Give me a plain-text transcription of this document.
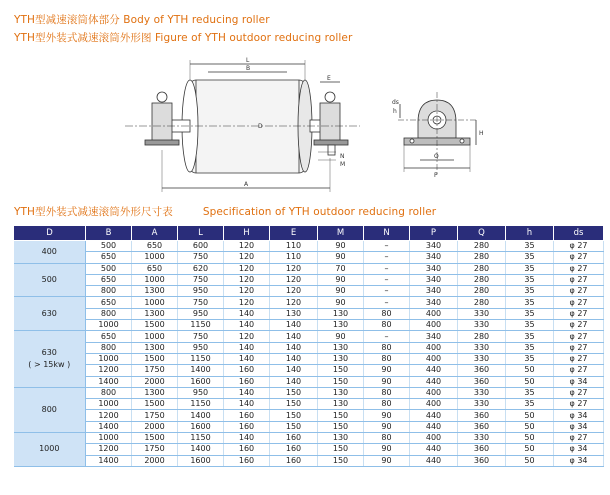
YTH型减速滚筒体部分 Body of YTH reducing roller
YTH型外装式减速滚筒外形图 Figure of YTH outdoor reducing roller
L
B
A
D
E
N
M
Q
P
H
h
ds
YTH型外装式减速滚筒外形尺寸表	Specification of YTH outdoor reducing roller
D	B	A	L	H	E	M	N	P	Q	h	ds

400	500	650	600	120	110	90	–	340	280	35	φ 27
	650	1000	750	120	110	90	–	340	280	35	φ 27

500	500	650	620	120	120	70	–	340	280	35	φ 27
	650	1000	750	120	120	90	–	340	280	35	φ 27
	800	1300	950	120	120	90	–	340	280	35	φ 27

630	650	1000	750	120	120	90	–	340	280	35	φ 27
	800	1300	950	140	130	130	80	400	330	35	φ 27
	1000	1500	1150	140	140	130	80	400	330	35	φ 27

630
( > 15kw )	650	1000	750	120	140	90	–	340	280	35	φ 27
	800	1300	950	140	140	130	80	400	330	35	φ 27
	1000	1500	1150	140	140	130	80	400	330	35	φ 27
	1200	1750	1400	160	140	150	90	440	360	50	φ 27
	1400	2000	1600	160	140	150	90	440	360	50	φ 34

800	800	1300	950	140	150	130	80	400	330	35	φ 27
	1000	1500	1150	140	150	130	80	400	330	35	φ 27
	1200	1750	1400	160	150	150	90	440	360	50	φ 34
	1400	2000	1600	160	150	150	90	440	360	50	φ 34

1000	1000	1500	1150	140	160	130	80	400	330	50	φ 27
	1200	1750	1400	160	160	150	90	440	360	50	φ 34
	1400	2000	1600	160	160	150	90	440	360	50	φ 34
